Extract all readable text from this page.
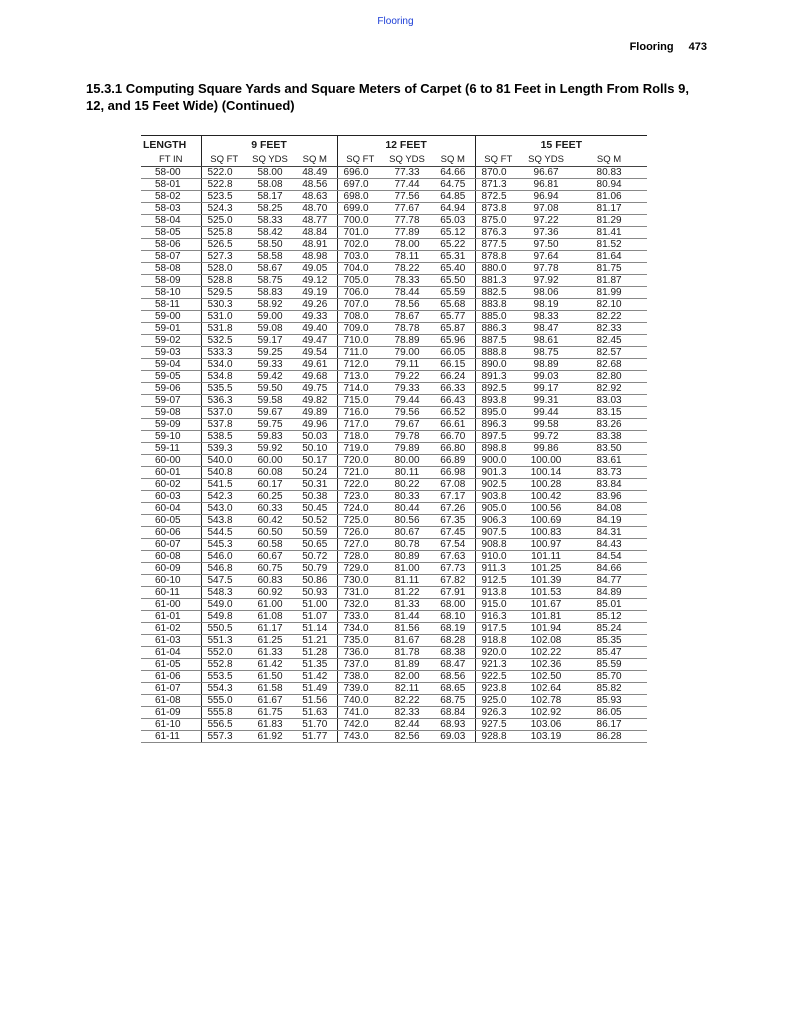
Flooring
Flooring 473
15.3.1 Computing Square Yards and Square Meters of Carpet (6 to 81 Feet in Length From Rolls 9, 12, and 15 Feet Wide) (Continued)
LENGTH	9 FEET			12 FEET			15 FEET		
FT IN	SQ FT	SQ YDS	SQ M	SQ FT	SQ YDS	SQ M	SQ FT	SQ YDS	SQ M
58-00	522.0	58.00	48.49	696.0	77.33	64.66	870.0	96.67	80.83
58-01	522.8	58.08	48.56	697.0	77.44	64.75	871.3	96.81	80.94
58-02	523.5	58.17	48.63	698.0	77.56	64.85	872.5	96.94	81.06
58-03	524.3	58.25	48.70	699.0	77.67	64.94	873.8	97.08	81.17
58-04	525.0	58.33	48.77	700.0	77.78	65.03	875.0	97.22	81.29
58-05	525.8	58.42	48.84	701.0	77.89	65.12	876.3	97.36	81.41
58-06	526.5	58.50	48.91	702.0	78.00	65.22	877.5	97.50	81.52
58-07	527.3	58.58	48.98	703.0	78.11	65.31	878.8	97.64	81.64
58-08	528.0	58.67	49.05	704.0	78.22	65.40	880.0	97.78	81.75
58-09	528.8	58.75	49.12	705.0	78.33	65.50	881.3	97.92	81.87
58-10	529.5	58.83	49.19	706.0	78.44	65.59	882.5	98.06	81.99
58-11	530.3	58.92	49.26	707.0	78.56	65.68	883.8	98.19	82.10
59-00	531.0	59.00	49.33	708.0	78.67	65.77	885.0	98.33	82.22
59-01	531.8	59.08	49.40	709.0	78.78	65.87	886.3	98.47	82.33
59-02	532.5	59.17	49.47	710.0	78.89	65.96	887.5	98.61	82.45
59-03	533.3	59.25	49.54	711.0	79.00	66.05	888.8	98.75	82.57
59-04	534.0	59.33	49.61	712.0	79.11	66.15	890.0	98.89	82.68
59-05	534.8	59.42	49.68	713.0	79.22	66.24	891.3	99.03	82.80
59-06	535.5	59.50	49.75	714.0	79.33	66.33	892.5	99.17	82.92
59-07	536.3	59.58	49.82	715.0	79.44	66.43	893.8	99.31	83.03
59-08	537.0	59.67	49.89	716.0	79.56	66.52	895.0	99.44	83.15
59-09	537.8	59.75	49.96	717.0	79.67	66.61	896.3	99.58	83.26
59-10	538.5	59.83	50.03	718.0	79.78	66.70	897.5	99.72	83.38
59-11	539.3	59.92	50.10	719.0	79.89	66.80	898.8	99.86	83.50
60-00	540.0	60.00	50.17	720.0	80.00	66.89	900.0	100.00	83.61
60-01	540.8	60.08	50.24	721.0	80.11	66.98	901.3	100.14	83.73
60-02	541.5	60.17	50.31	722.0	80.22	67.08	902.5	100.28	83.84
60-03	542.3	60.25	50.38	723.0	80.33	67.17	903.8	100.42	83.96
60-04	543.0	60.33	50.45	724.0	80.44	67.26	905.0	100.56	84.08
60-05	543.8	60.42	50.52	725.0	80.56	67.35	906.3	100.69	84.19
60-06	544.5	60.50	50.59	726.0	80.67	67.45	907.5	100.83	84.31
60-07	545.3	60.58	50.65	727.0	80.78	67.54	908.8	100.97	84.43
60-08	546.0	60.67	50.72	728.0	80.89	67.63	910.0	101.11	84.54
60-09	546.8	60.75	50.79	729.0	81.00	67.73	911.3	101.25	84.66
60-10	547.5	60.83	50.86	730.0	81.11	67.82	912.5	101.39	84.77
60-11	548.3	60.92	50.93	731.0	81.22	67.91	913.8	101.53	84.89
61-00	549.0	61.00	51.00	732.0	81.33	68.00	915.0	101.67	85.01
61-01	549.8	61.08	51.07	733.0	81.44	68.10	916.3	101.81	85.12
61-02	550.5	61.17	51.14	734.0	81.56	68.19	917.5	101.94	85.24
61-03	551.3	61.25	51.21	735.0	81.67	68.28	918.8	102.08	85.35
61-04	552.0	61.33	51.28	736.0	81.78	68.38	920.0	102.22	85.47
61-05	552.8	61.42	51.35	737.0	81.89	68.47	921.3	102.36	85.59
61-06	553.5	61.50	51.42	738.0	82.00	68.56	922.5	102.50	85.70
61-07	554.3	61.58	51.49	739.0	82.11	68.65	923.8	102.64	85.82
61-08	555.0	61.67	51.56	740.0	82.22	68.75	925.0	102.78	85.93
61-09	555.8	61.75	51.63	741.0	82.33	68.84	926.3	102.92	86.05
61-10	556.5	61.83	51.70	742.0	82.44	68.93	927.5	103.06	86.17
61-11	557.3	61.92	51.77	743.0	82.56	69.03	928.8	103.19	86.28
